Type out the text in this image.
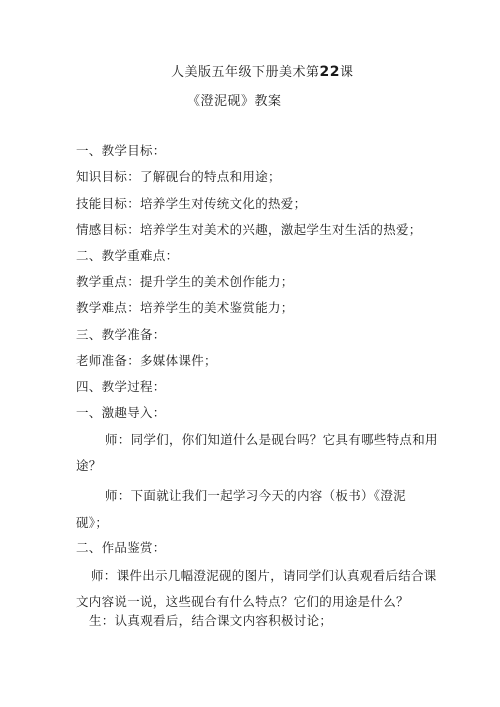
人美版五年级下册美术第22课
《澄泥砚》教案
一、教学目标：
知识目标：了解砚台的特点和用途；
技能目标：培养学生对传统文化的热爱；
情感目标：培养学生对美术的兴趣，激起学生对生活的热爱；
二、教学重难点：
教学重点：提升学生的美术创作能力；
教学难点：培养学生的美术鉴赏能力；
三、教学准备：
老师准备：多媒体课件；
四、教学过程：
一、激趣导入：
师：同学们，你们知道什么是砚台吗？它具有哪些特点和用
途？
师：下面就让我们一起学习今天的内容（板书）《澄泥
砚》；
二、作品鉴赏：
师：课件出示几幅澄泥砚的图片，请同学们认真观看后结合课
文内容说一说，这些砚台有什么特点？它们的用途是什么？
生：认真观看后，结合课文内容积极讨论；
